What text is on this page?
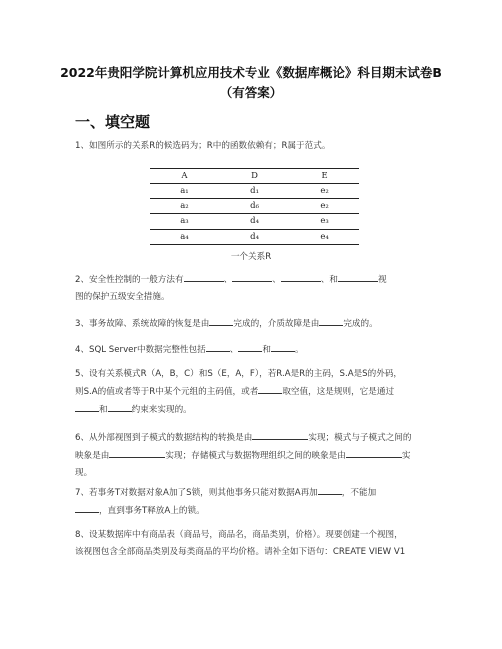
2022年贵阳学院计算机应用技术专业《数据库概论》科目期末试卷B
（有答案）
一、填空题
1、如图所示的关系R的候选码为；R中的函数依赖有；R属于范式。
A	D	E
a₁	d₁	e₂
a₂	d₆	e₂
a₃	d₄	e₃
a₄	d₄	e₄
一个关系R
2、安全性控制的一般方法有	、	、	、和	视
图的保护五级安全措施。
3、事务故障、系统故障的恢复是由	完成的，介质故障是由	完成的。
4、SQL Server中数据完整性包括	、	和	。
5、设有关系模式R（A，B，C）和S（E，A，F），若R.A是R的主码，S.A是S的外码，
则S.A的值或者等于R中某个元组的主码值，或者	取空值，这是规则，它是通过
和	约束来实现的。
6、从外部视图到子模式的数据结构的转换是由	实现；模式与子模式之间的
映象是由	实现；存储模式与数据物理组织之间的映象是由	实
现。
7、若事务T对数据对象A加了S锁，则其他事务只能对数据A再加	，不能加
，直到事务T释放A上的锁。
8、设某数据库中有商品表（商品号，商品名，商品类别，价格）。现要创建一个视图，
该视图包含全部商品类别及每类商品的平均价格。请补全如下语句：CREATE VIEW V1
